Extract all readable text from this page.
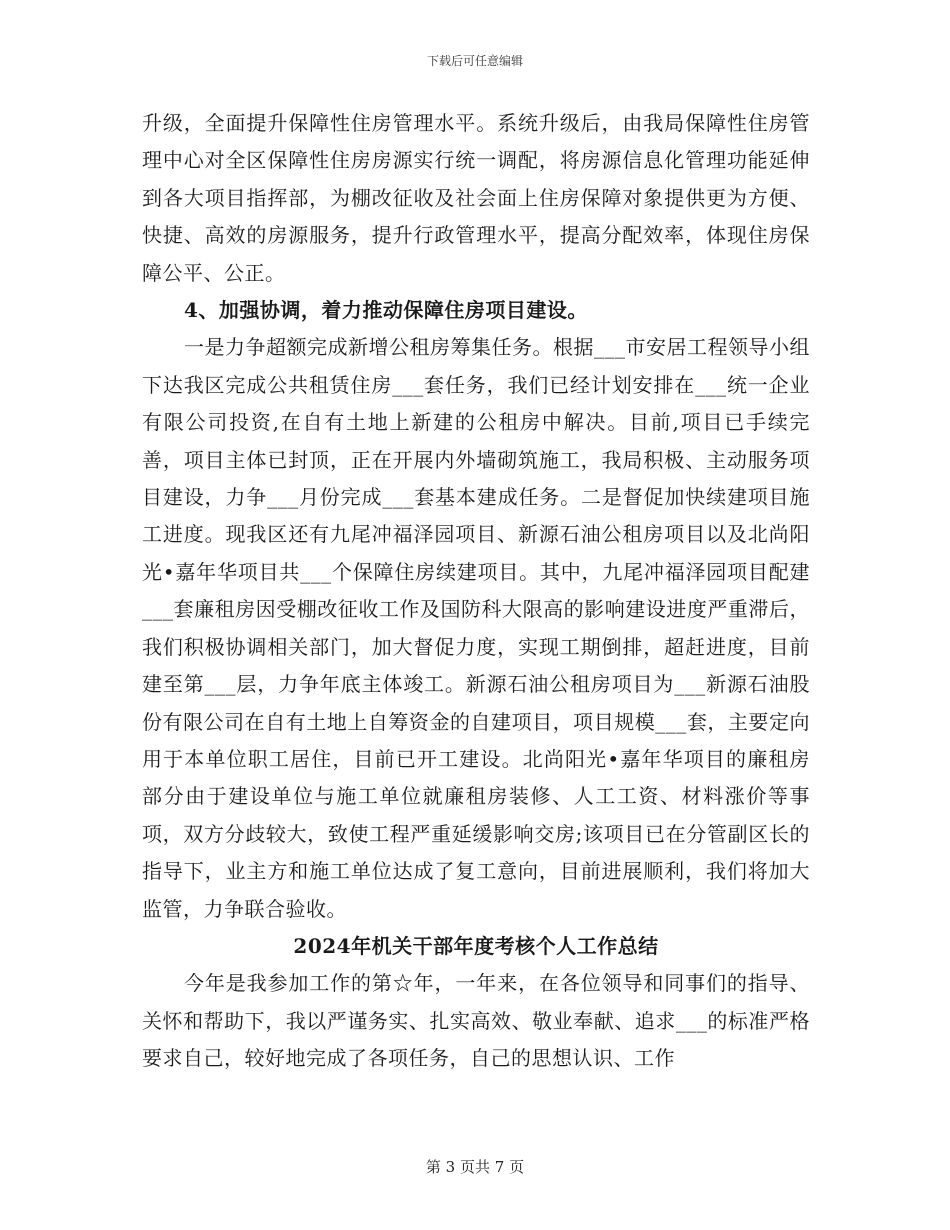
下载后可任意编辑

升级，全面提升保障性住房管理水平。系统升级后，由我局保障性住房管理中心对全区保障性住房房源实行统一调配，将房源信息化管理功能延伸到各大项目指挥部，为棚改征收及社会面上住房保障对象提供更为方便、快捷、高效的房源服务，提升行政管理水平，提高分配效率，体现住房保障公平、公正。

4、加强协调，着力推动保障住房项目建设。

一是力争超额完成新增公租房筹集任务。根据___市安居工程领导小组下达我区完成公共租赁住房___套任务，我们已经计划安排在___统一企业有限公司投资,在自有土地上新建的公租房中解决。目前,项目已手续完善，项目主体已封顶，正在开展内外墙砌筑施工，我局积极、主动服务项目建设，力争___月份完成___套基本建成任务。二是督促加快续建项目施工进度。现我区还有九尾冲福泽园项目、新源石油公租房项目以及北尚阳光•嘉年华项目共___个保障住房续建项目。其中，九尾冲福泽园项目配建___套廉租房因受棚改征收工作及国防科大限高的影响建设进度严重滞后，我们积极协调相关部门，加大督促力度，实现工期倒排，超赶进度，目前建至第___层，力争年底主体竣工。新源石油公租房项目为___新源石油股份有限公司在自有土地上自筹资金的自建项目，项目规模___套，主要定向用于本单位职工居住，目前已开工建设。北尚阳光•嘉年华项目的廉租房部分由于建设单位与施工单位就廉租房装修、人工工资、材料涨价等事项，双方分歧较大，致使工程严重延缓影响交房;该项目已在分管副区长的指导下，业主方和施工单位达成了复工意向，目前进展顺利，我们将加大监管，力争联合验收。

2024年机关干部年度考核个人工作总结

今年是我参加工作的第☆年，一年来，在各位领导和同事们的指导、关怀和帮助下，我以严谨务实、扎实高效、敬业奉献、追求___的标准严格要求自己，较好地完成了各项任务，自己的思想认识、工作

第 3 页共 7 页
